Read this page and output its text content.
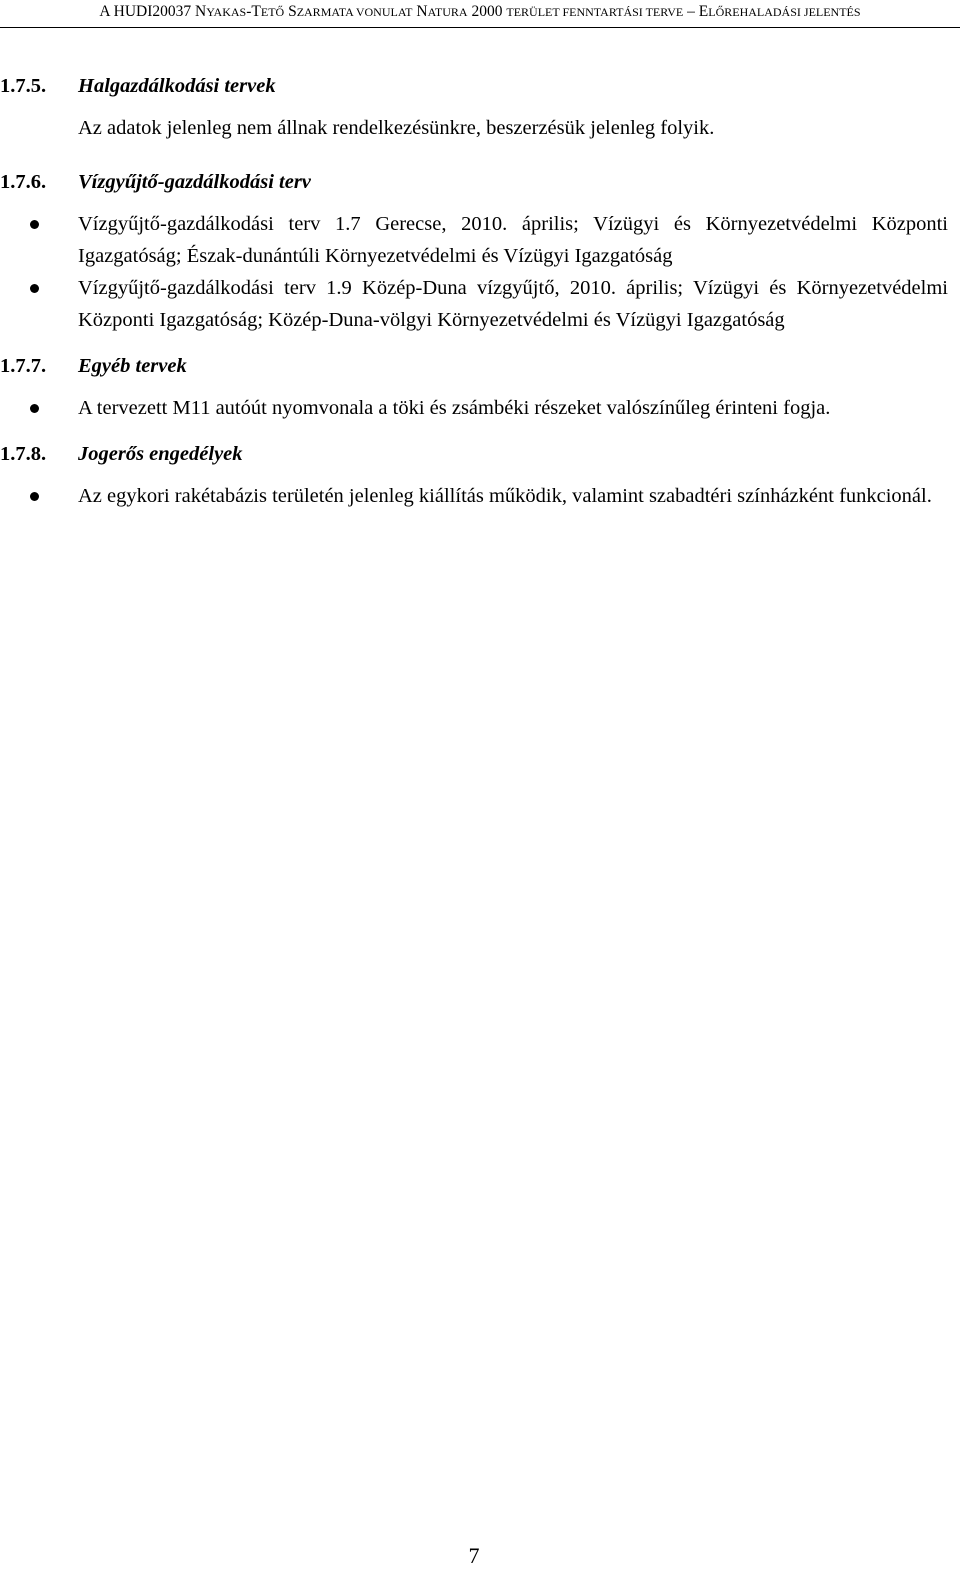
A HUDI20037 NYAKAS-TETŐ SZARMATA VONULAT NATURA 2000 TERÜLET FENNTARTÁSI TERVE – ELŐREHALADÁSI JELENTÉS
1.7.5. Halgazdálkodási tervek

Az adatok jelenleg nem állnak rendelkezésünkre, beszerzésük jelenleg folyik.

1.7.6. Vízgyűjtő-gazdálkodási terv
Vízgyűjtő-gazdálkodási terv 1.7 Gerecse, 2010. április; Vízügyi és Környezetvédelmi Központi Igazgatóság; Észak-dunántúli Környezetvédelmi és Vízügyi Igazgatóság
Vízgyűjtő-gazdálkodási terv 1.9 Közép-Duna vízgyűjtő, 2010. április; Vízügyi és Környezetvédelmi Központi Igazgatóság; Közép-Duna-völgyi Környezetvédelmi és Vízügyi Igazgatóság
1.7.7. Egyéb tervek
A tervezett M11 autóút nyomvonala a töki és zsámbéki részeket valószínűleg érinteni fogja.
1.7.8. Jogerős engedélyek
Az egykori rakétabázis területén jelenleg kiállítás működik, valamint szabadtéri színházként funkcionál.
7
